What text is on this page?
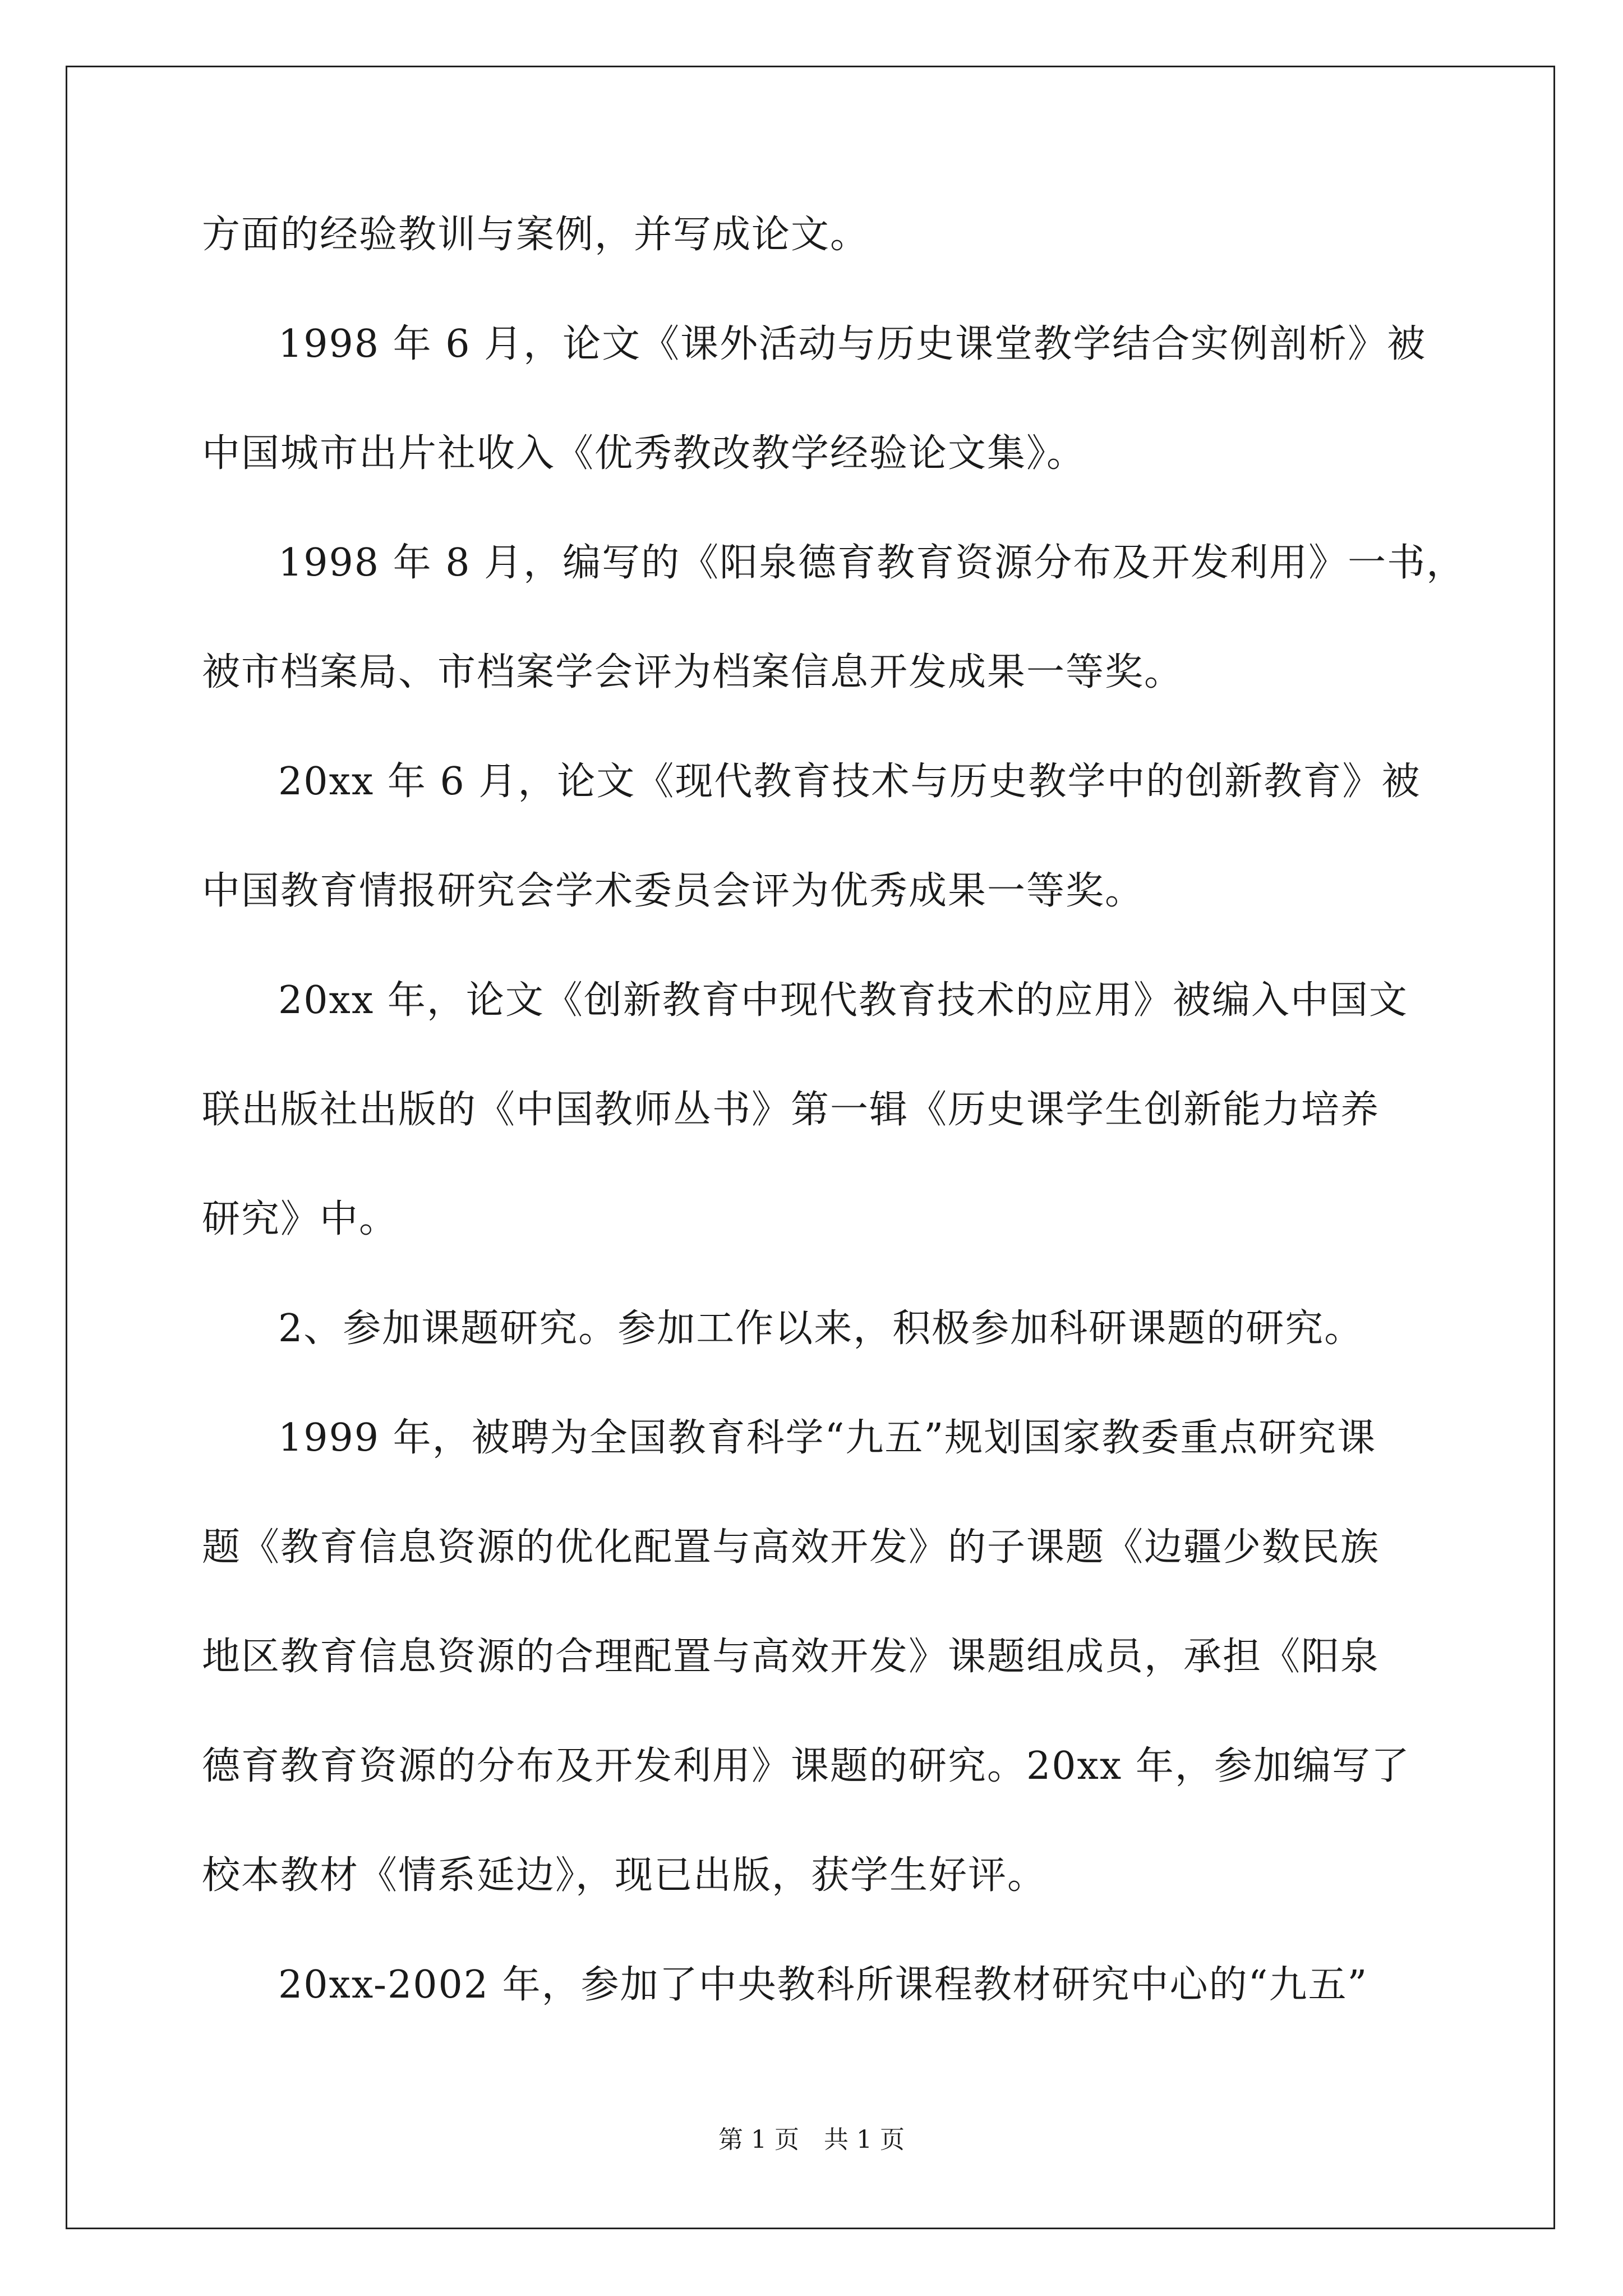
方面的经验教训与案例，并写成论文。
1998 年 6 月，论文《课外活动与历史课堂教学结合实例剖析》被
中国城市出片社收入《优秀教改教学经验论文集》。
1998 年 8 月，编写的《阳泉德育教育资源分布及开发利用》一书，
被市档案局、市档案学会评为档案信息开发成果一等奖。
20xx 年 6 月，论文《现代教育技术与历史教学中的创新教育》被
中国教育情报研究会学术委员会评为优秀成果一等奖。
20xx 年，论文《创新教育中现代教育技术的应用》被编入中国文
联出版社出版的《中国教师丛书》第一辑《历史课学生创新能力培养
研究》中。
2、参加课题研究。参加工作以来，积极参加科研课题的研究。
1999 年，被聘为全国教育科学“九五”规划国家教委重点研究课
题《教育信息资源的优化配置与高效开发》的子课题《边疆少数民族
地区教育信息资源的合理配置与高效开发》课题组成员，承担《阳泉
德育教育资源的分布及开发利用》课题的研究。20xx 年，参加编写了
校本教材《情系延边》，现已出版，获学生好评。
20xx-2002 年，参加了中央教科所课程教材研究中心的“九五”
第 1 页　共 1 页
